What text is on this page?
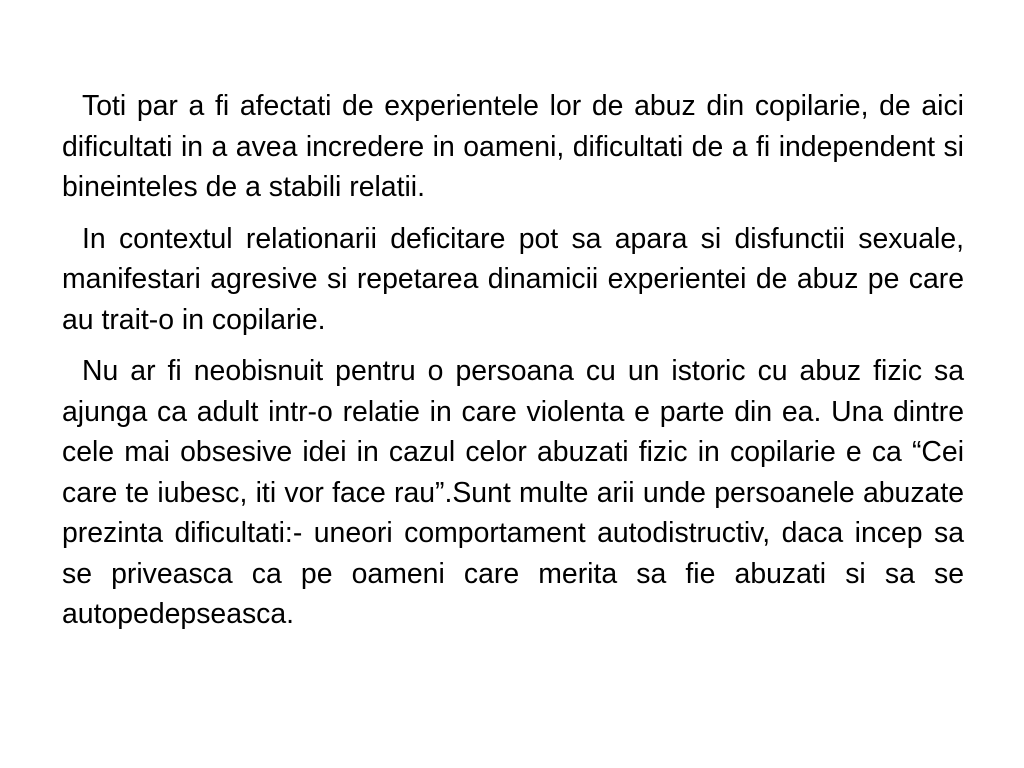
Toti par a fi afectati de experientele lor de abuz din copilarie, de aici dificultati in a avea incredere in oameni, dificultati de a fi independent si bineinteles de a stabili relatii.

In contextul relationarii deficitare pot sa apara si disfunctii sexuale, manifestari agresive si repetarea dinamicii experientei de abuz pe care au trait-o in copilarie.

Nu ar fi neobisnuit pentru o persoana cu un istoric cu abuz fizic sa ajunga ca adult intr-o relatie in care violenta e parte din ea. Una dintre cele mai obsesive idei in cazul celor abuzati fizic in copilarie e ca “Cei care te iubesc, iti vor face rau”.Sunt multe arii unde persoanele abuzate prezinta dificultati:- uneori comportament autodistructiv, daca incep sa se priveasca ca pe oameni care merita sa fie abuzati si sa se autopedepseasca.
